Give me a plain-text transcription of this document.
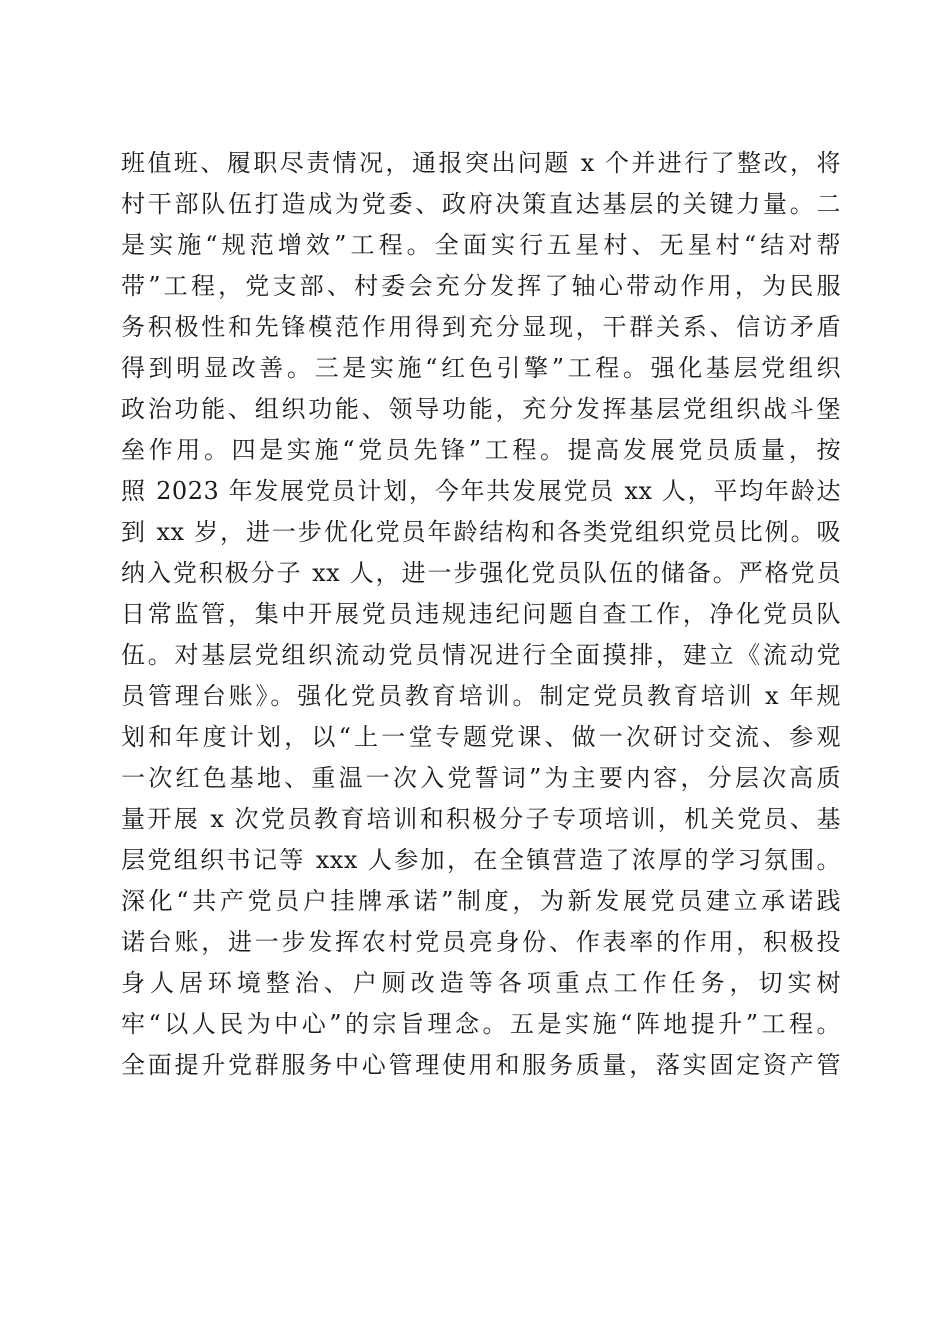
班值班、履职尽责情况，通报突出问题 x 个并进行了整改，将
村干部队伍打造成为党委、政府决策直达基层的关键力量。二
是实施“规范增效”工程。全面实行五星村、无星村“结对帮
带”工程，党支部、村委会充分发挥了轴心带动作用，为民服
务积极性和先锋模范作用得到充分显现，干群关系、信访矛盾
得到明显改善。三是实施“红色引擎”工程。强化基层党组织
政治功能、组织功能、领导功能，充分发挥基层党组织战斗堡
垒作用。四是实施“党员先锋”工程。提高发展党员质量，按
照 2023 年发展党员计划，今年共发展党员 xx 人，平均年龄达
到 xx 岁，进一步优化党员年龄结构和各类党组织党员比例。吸
纳入党积极分子 xx 人，进一步强化党员队伍的储备。严格党员
日常监管，集中开展党员违规违纪问题自查工作，净化党员队
伍。对基层党组织流动党员情况进行全面摸排，建立《流动党
员管理台账》。强化党员教育培训。制定党员教育培训 x 年规
划和年度计划，以“上一堂专题党课、做一次研讨交流、参观
一次红色基地、重温一次入党誓词”为主要内容，分层次高质
量开展 x 次党员教育培训和积极分子专项培训，机关党员、基
层党组织书记等 xxx 人参加，在全镇营造了浓厚的学习氛围。
深化“共产党员户挂牌承诺”制度，为新发展党员建立承诺践
诺台账，进一步发挥农村党员亮身份、作表率的作用，积极投
身人居环境整治、户厕改造等各项重点工作任务，切实树
牢“以人民为中心”的宗旨理念。五是实施“阵地提升”工程。
全面提升党群服务中心管理使用和服务质量，落实固定资产管
